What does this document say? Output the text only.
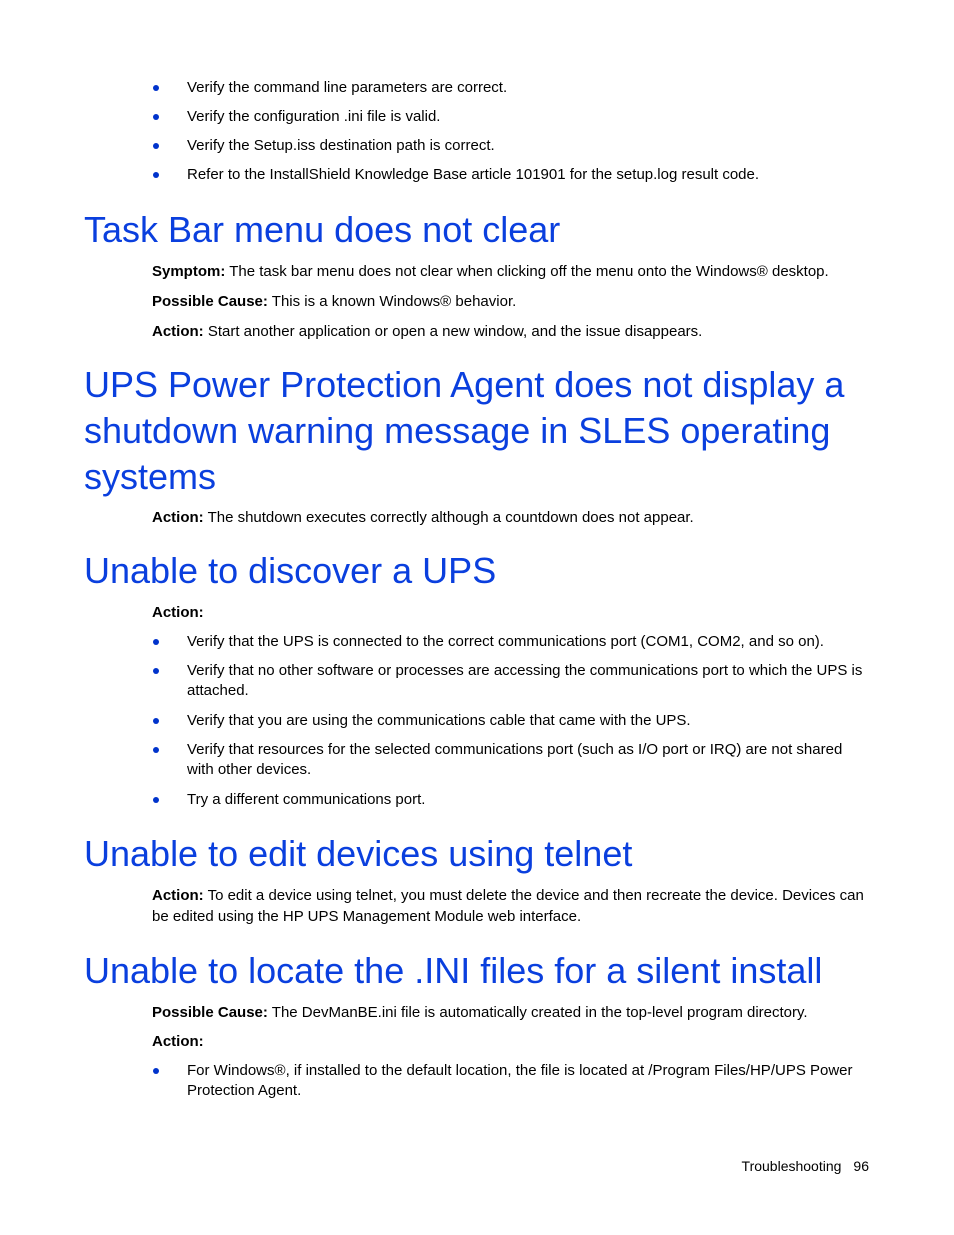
Verify the command line parameters are correct.
Verify the configuration .ini file is valid.
Verify the Setup.iss destination path is correct.
Refer to the InstallShield Knowledge Base article 101901 for the setup.log result code.
Task Bar menu does not clear
Symptom: The task bar menu does not clear when clicking off the menu onto the Windows® desktop.
Possible Cause: This is a known Windows® behavior.
Action: Start another application or open a new window, and the issue disappears.
UPS Power Protection Agent does not display a
shutdown warning message in SLES operating
systems
Action: The shutdown executes correctly although a countdown does not appear.
Unable to discover a UPS
Action:
Verify that the UPS is connected to the correct communications port (COM1, COM2, and so on).
Verify that no other software or processes are accessing the communications port to which the UPS is attached.
Verify that you are using the communications cable that came with the UPS.
Verify that resources for the selected communications port (such as I/O port or IRQ) are not shared with other devices.
Try a different communications port.
Unable to edit devices using telnet
Action: To edit a device using telnet, you must delete the device and then recreate the device. Devices can be edited using the HP UPS Management Module web interface.
Unable to locate the .INI files for a silent install
Possible Cause: The DevManBE.ini file is automatically created in the top-level program directory.
Action:
For Windows®, if installed to the default location, the file is located at /Program Files/HP/UPS Power Protection Agent.
Troubleshooting 96
